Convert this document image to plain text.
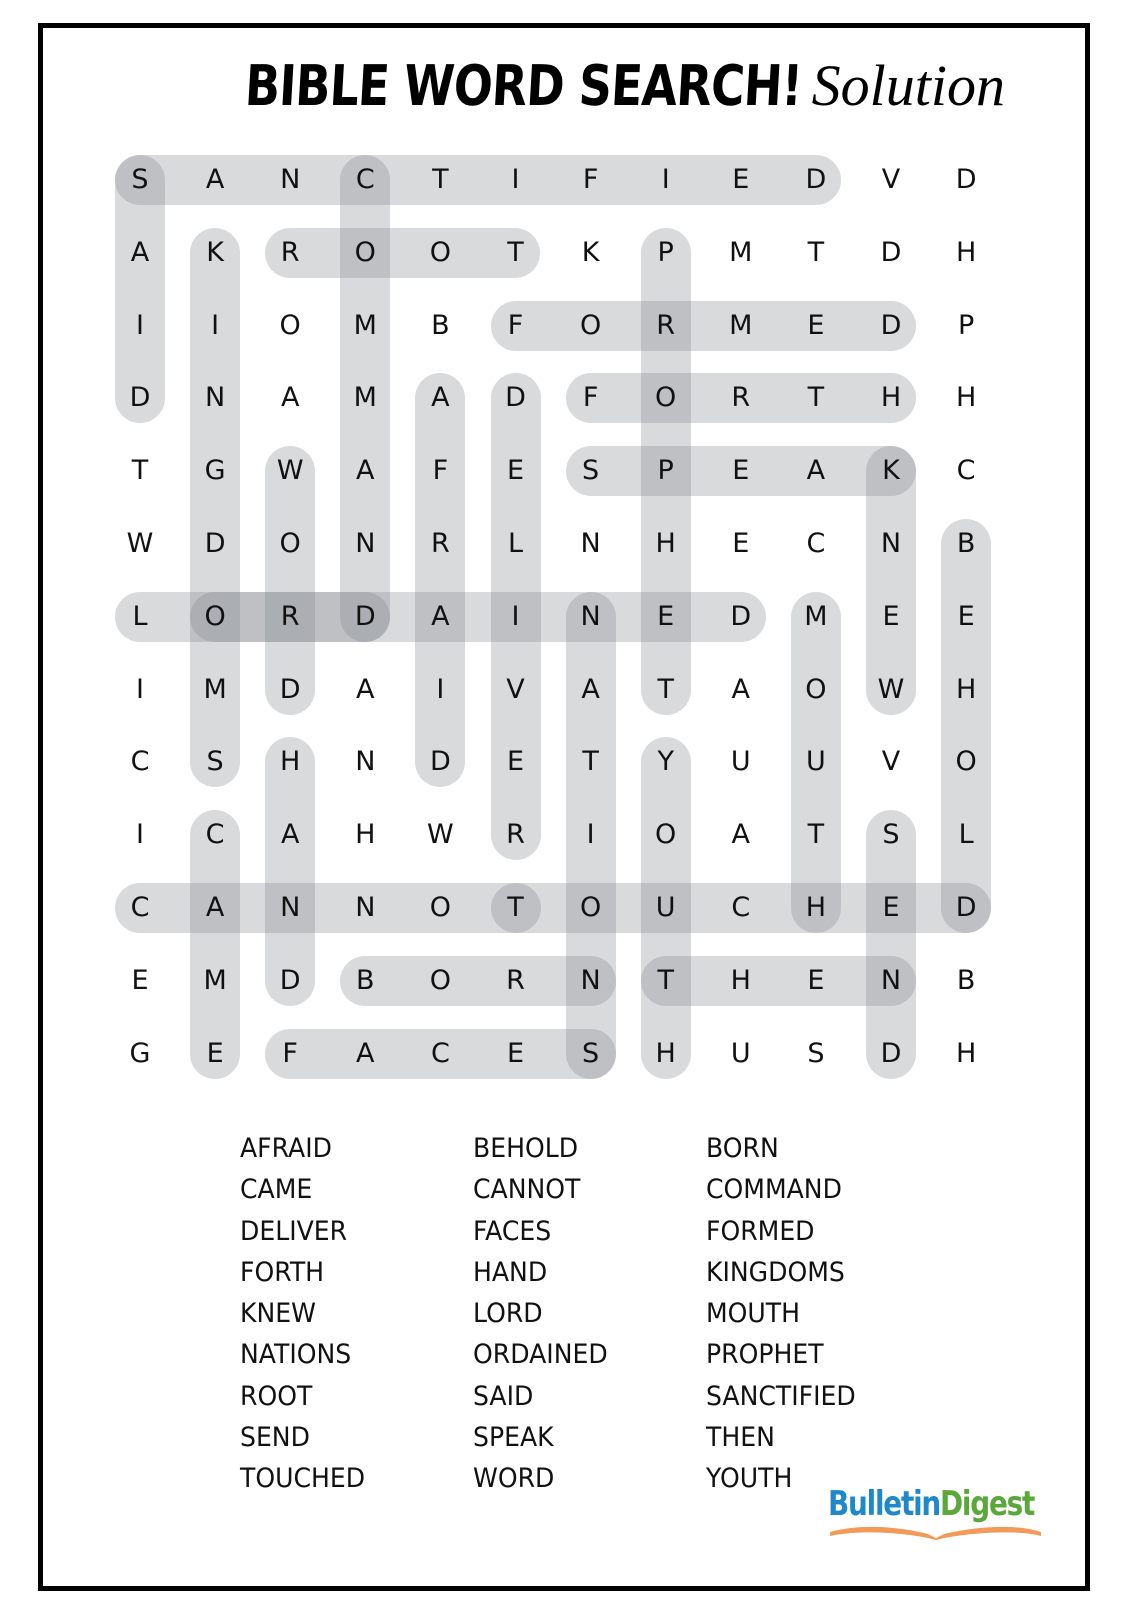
BIBLE WORD SEARCH! Solution
S	A	N	C	T	I	F	I	E	D	V	D
A	K	R	O	O	T	K	P	M	T	D	H
I	I	O	M	B	F	O	R	M	E	D	P
D	N	A	M	A	D	F	O	R	T	H	H
T	G	W	A	F	E	S	P	E	A	K	C
W	D	O	N	R	L	N	H	E	C	N	B
L	O	R	D	A	I	N	E	D	M	E	E
I	M	D	A	I	V	A	T	A	O	W	H
C	S	H	N	D	E	T	Y	U	U	V	O
I	C	A	H	W	R	I	O	A	T	S	L
C	A	N	N	O	T	O	U	C	H	E	D
E	M	D	B	O	R	N	T	H	E	N	B
G	E	F	A	C	E	S	H	U	S	D	H
AFRAID
CAME
DELIVER
FORTH
KNEW
NATIONS
ROOT
SEND
TOUCHED
BEHOLD
CANNOT
FACES
HAND
LORD
ORDAINED
SAID
SPEAK
WORD
BORN
COMMAND
FORMED
KINGDOMS
MOUTH
PROPHET
SANCTIFIED
THEN
YOUTH
BulletinDigest
